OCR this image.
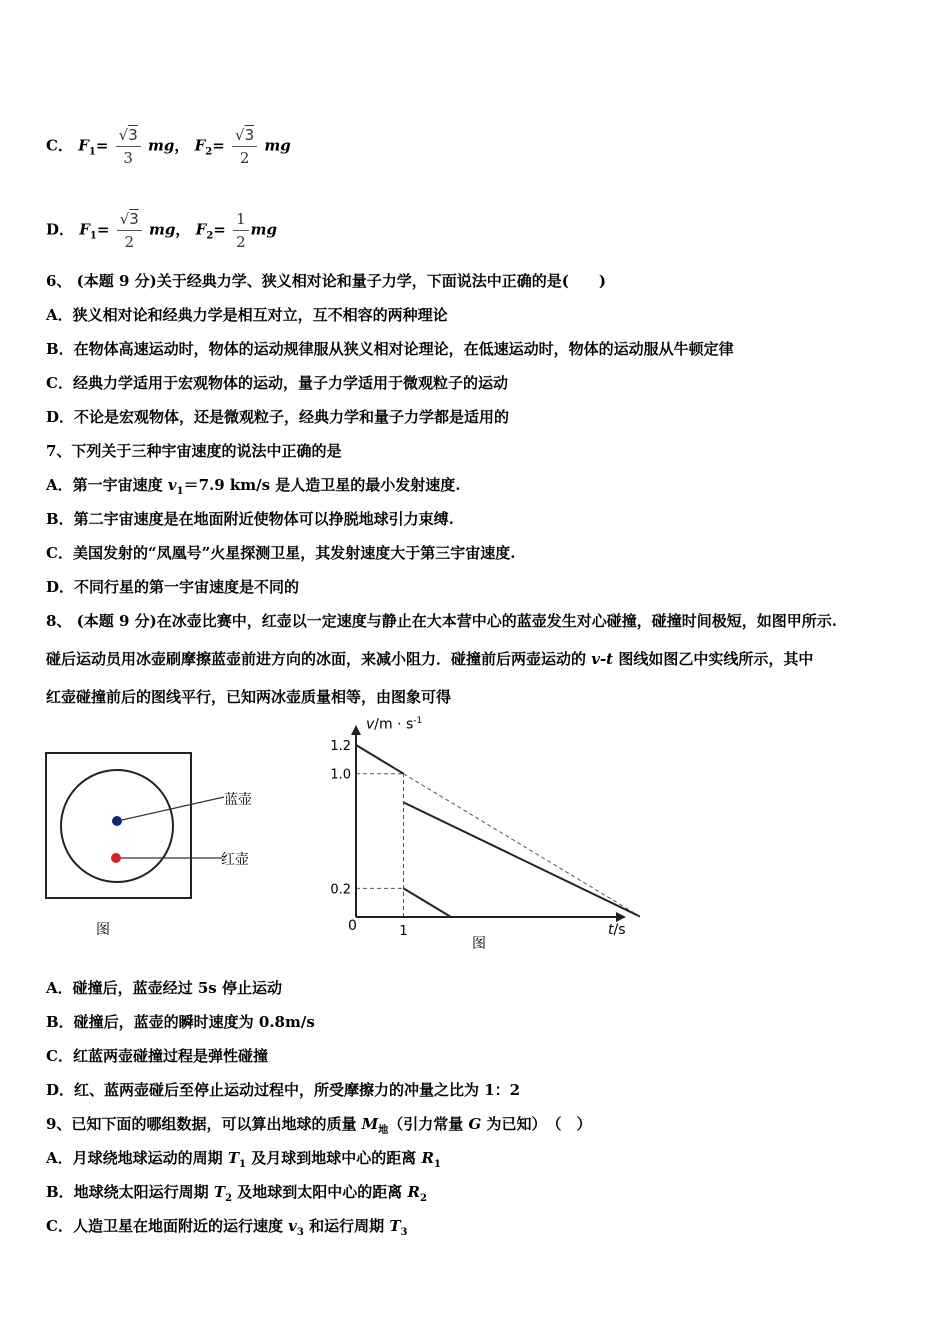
C． $F_1= \frac{√3}{3}$ mg， $F_2= \frac{√3}{2}$ mg
D． $F_1= \frac{√3}{2}$ mg， $F_2= \frac{1}{2}$ mg
6、 (本题 9 分)关于经典力学、狭义相对论和量子力学，下面说法中正确的是(　　)
A．狭义相对论和经典力学是相互对立，互不相容的两种理论
B．在物体高速运动时，物体的运动规律服从狭义相对论理论，在低速运动时，物体的运动服从牛顿定律
C．经典力学适用于宏观物体的运动，量子力学适用于微观粒子的运动
D．不论是宏观物体，还是微观粒子，经典力学和量子力学都是适用的
7、下列关于三种宇宙速度的说法中正确的是
A．第一宇宙速度 $v_1=7.9$ km/s 是人造卫星的最小发射速度.
B．第二宇宙速度是在地面附近使物体可以挣脱地球引力束缚.
C．美国发射的“凤凰号”火星探测卫星，其发射速度大于第三宇宙速度.
D．不同行星的第一宇宙速度是不同的
8、 (本题 9 分)在冰壶比赛中，红壶以一定速度与静止在大本营中心的蓝壶发生对心碰撞，碰撞时间极短，如图甲所示.
碰后运动员用冰壶刷摩擦蓝壶前进方向的冰面，来减小阻力．碰撞前后两壶运动的 v-t 图线如图乙中实线所示，其中
红壶碰撞前后的图线平行，已知两冰壶质量相等，由图象可得
蓝壶
红壶
图
0.2
1.0
1.2
1
$v/m \cdot s^{-1}$
t/s
0
图
A．碰撞后，蓝壶经过 5s 停止运动
B．碰撞后，蓝壶的瞬时速度为 0.8m/s
C．红蓝两壶碰撞过程是弹性碰撞
D．红、蓝两壶碰后至停止运动过程中，所受摩擦力的冲量之比为 1：2
9、已知下面的哪组数据，可以算出地球的质量 $M_地$（引力常量 G 为已知）　（　）
A．月球绕地球运动的周期 $T_1$ 及月球到地球中心的距离 $R_1$
B．地球绕太阳运行周期 $T_2$ 及地球到太阳中心的距离 $R_2$
C．人造卫星在地面附近的运行速度 $v_3$ 和运行周期 $T_3$
